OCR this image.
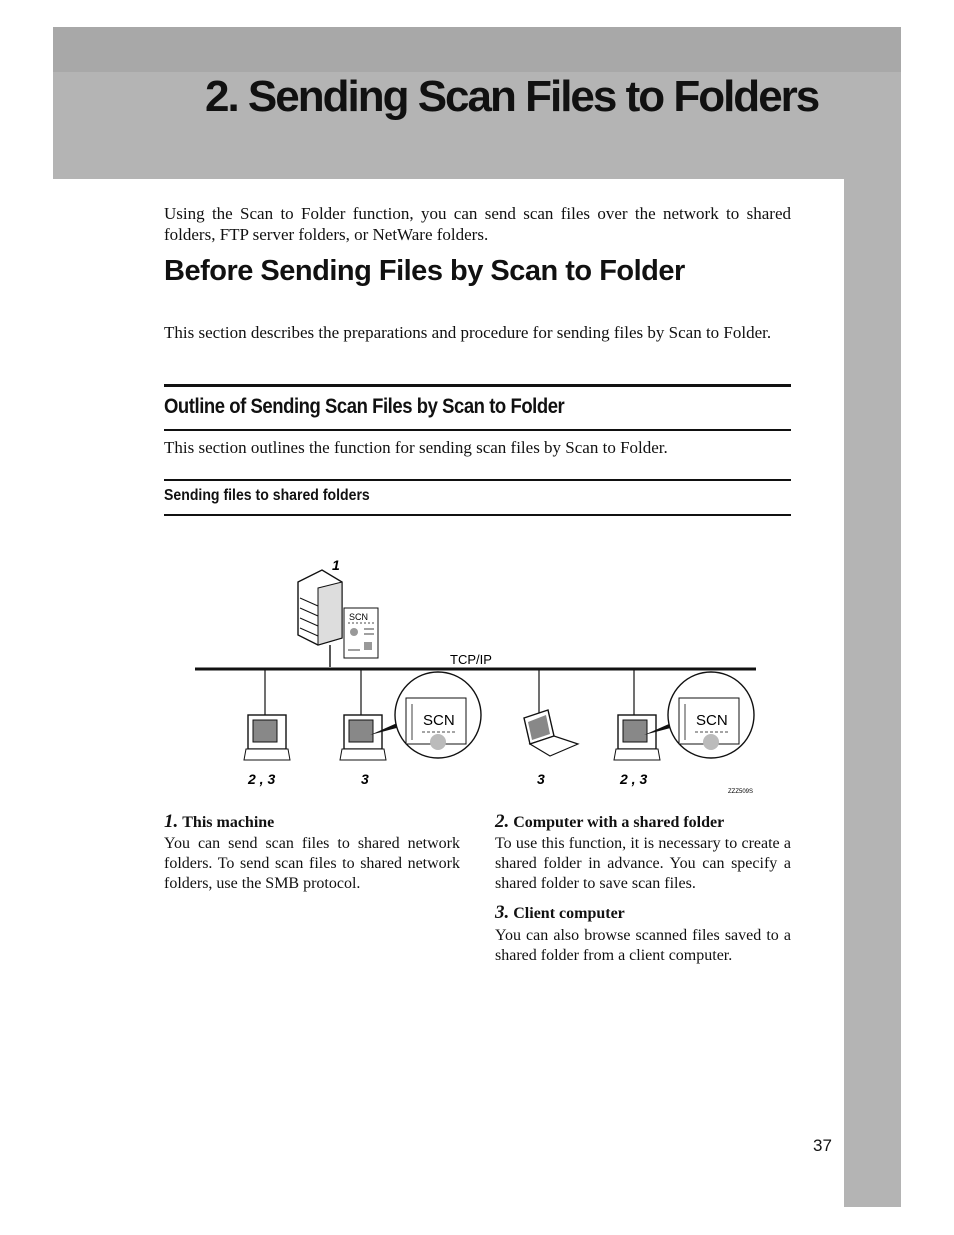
2. Sending Scan Files to Folders

Using the Scan to Folder function, you can send scan files over the network to shared folders, FTP server folders, or NetWare folders.

Before Sending Files by Scan to Folder

This section describes the preparations and procedure for sending files by Scan to Folder.

Outline of Sending Scan Files by Scan to Folder

This section outlines the function for sending scan files by Scan to Folder.

Sending files to shared folders
TCP/IP
1
SCN
2 , 3	3
SCN
3	2 , 3
SCN
ZZZ509S

1. This machine

You can send scan files to shared network folders. To send scan files to shared network folders, use the SMB protocol.

2. Computer with a shared folder

To use this function, it is necessary to create a shared folder in advance. You can specify a shared folder to save scan files.

3. Client computer

You can also browse scanned files saved to a shared folder from a client computer.

37
